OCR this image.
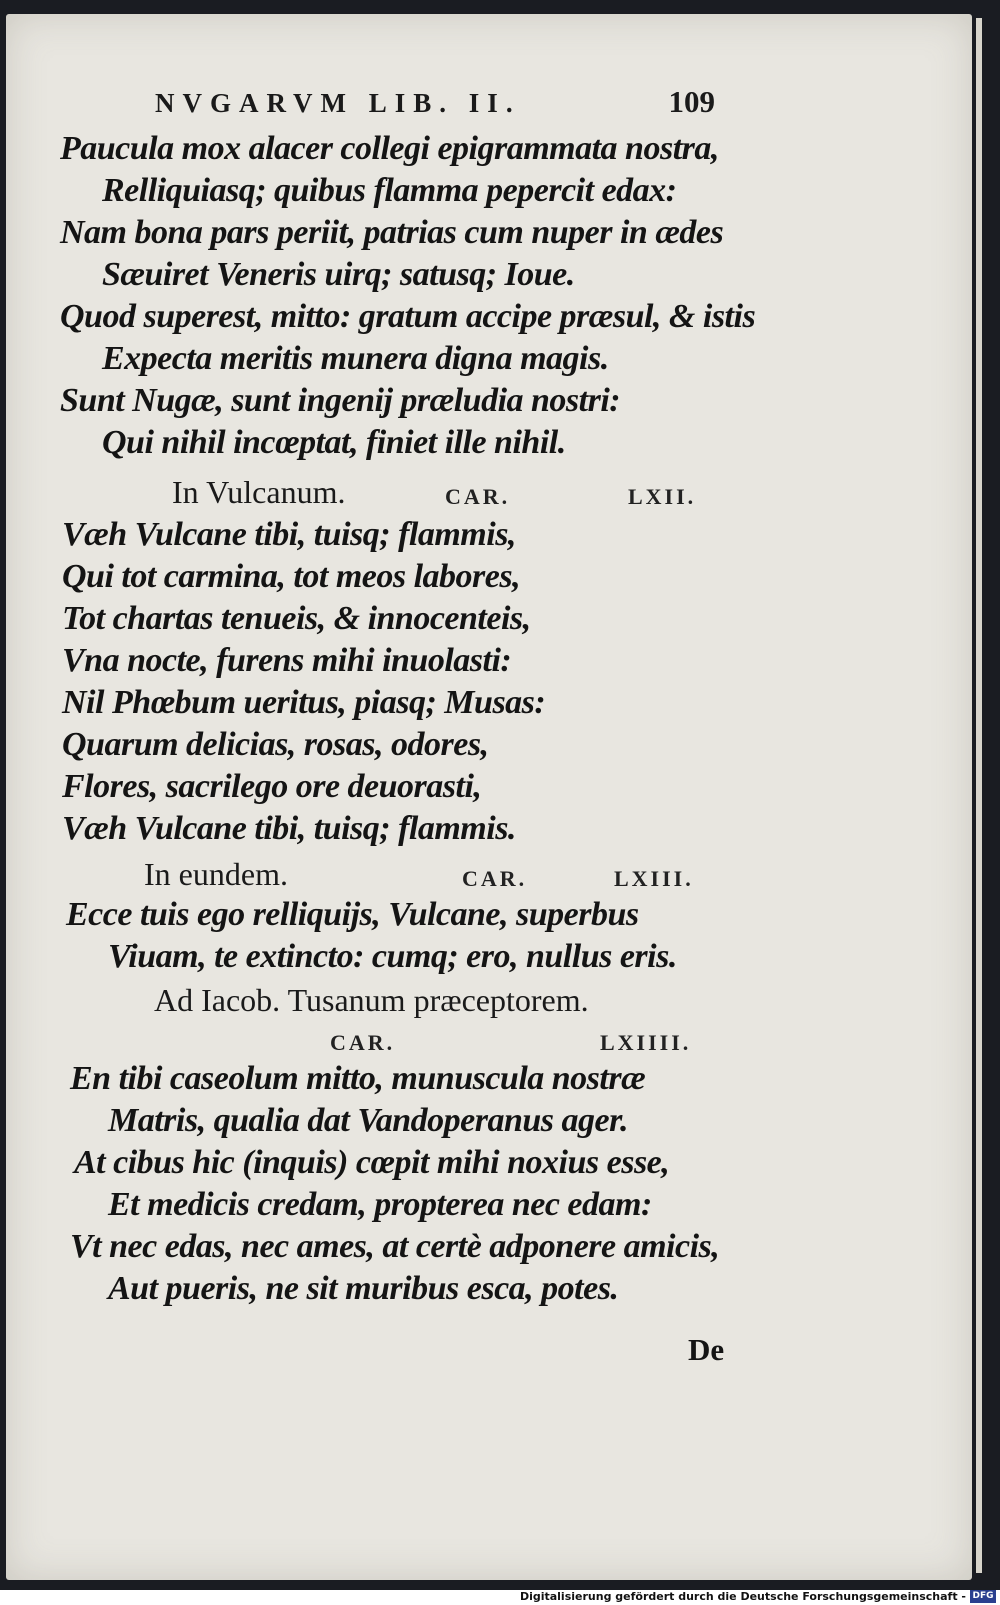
NVGARVM LIB. II.	109
Paucula mox alacer collegi epigrammata nostra,
Relliquiasq; quibus flamma pepercit edax:
Nam bona pars periit, patrias cum nuper in ædes
Sæuiret Veneris uirq; satusq; Ioue.
Quod superest, mitto: gratum accipe præsul, & istis
Expecta meritis munera digna magis.
Sunt Nugæ, sunt ingenij præludia nostri:
Qui nihil incœptat, finiet ille nihil.
In Vulcanum.	CAR.	LXII.
Væh Vulcane tibi, tuisq; flammis,
Qui tot carmina, tot meos labores,
Tot chartas tenueis, & innocenteis,
Vna nocte, furens mihi inuolasti:
Nil Phœbum ueritus, piasq; Musas:
Quarum delicias, rosas, odores,
Flores, sacrilego ore deuorasti,
Væh Vulcane tibi, tuisq; flammis.
In eundem.	CAR.	LXIII.
Ecce tuis ego relliquijs, Vulcane, superbus
Viuam, te extincto: cumq; ero, nullus eris.
Ad Iacob. Tusanum præceptorem.
CAR.	LXIIII.
En tibi caseolum mitto, munuscula nostræ
Matris, qualia dat Vandoperanus ager.
At cibus hic (inquis) cœpit mihi noxius esse,
Et medicis credam, propterea nec edam:
Vt nec edas, nec ames, at certè adponere amicis,
Aut pueris, ne sit muribus esca, potes.
De
Digitalisierung gefördert durch die Deutsche Forschungsgemeinschaft - DFG
